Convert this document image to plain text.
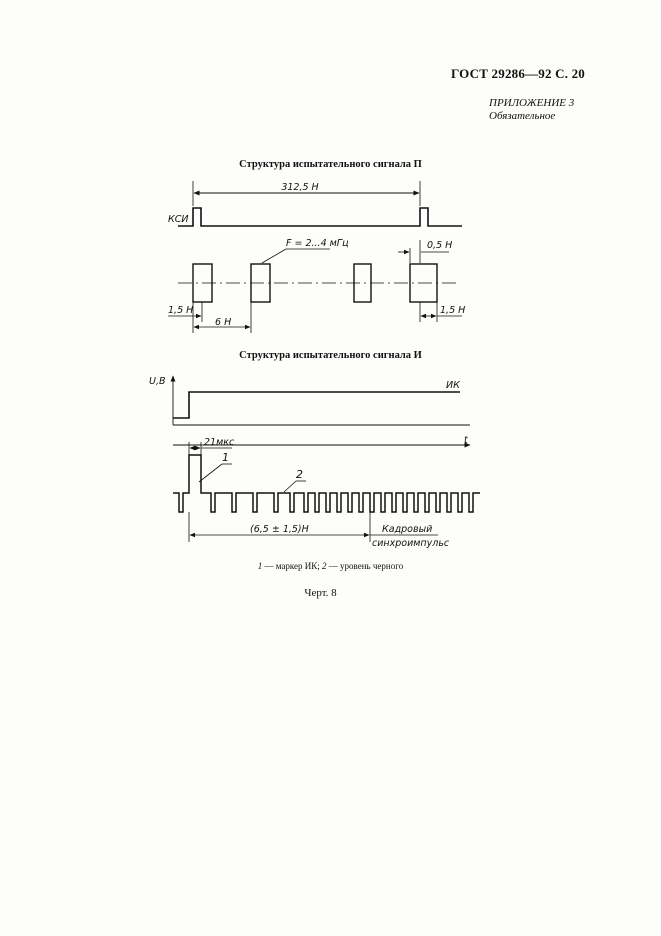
ГОСТ 29286—92 С. 20
ПРИЛОЖЕНИЕ 3
Обязательное
Структура испытательного сигнала П
Структура испытательного сигнала И
312,5 Н
КСИ
F = 2...4 мГц	0,5 Н
1,5 Н
6 Н
1,5 Н
U,B	ИК
t
21мкс
1
2
(6,5 ± 1,5)Н	Кадровый
синхроимпульс
1 — маркер ИК; 2 — уровень черного
Черт. 8
